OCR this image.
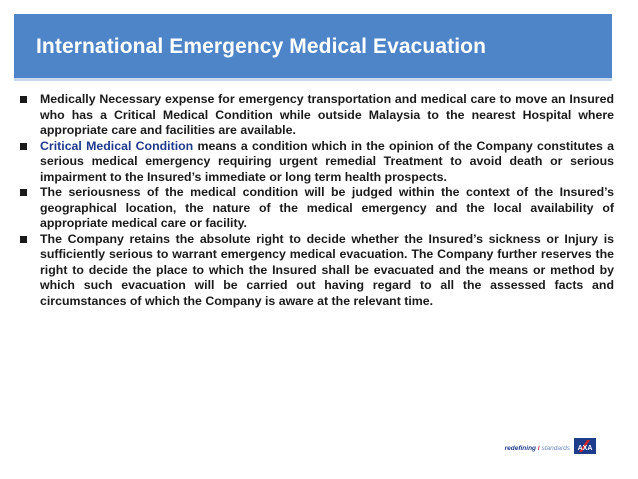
International Emergency Medical Evacuation
Medically Necessary expense for emergency transportation and medical care to move an Insured who has a Critical Medical Condition while outside Malaysia to the nearest Hospital where appropriate care and facilities are available.
Critical Medical Condition means a condition which in the opinion of the Company constitutes a serious medical emergency requiring urgent remedial Treatment to avoid death or serious impairment to the Insured’s immediate or long term health prospects.
The seriousness of the medical condition will be judged within the context of the Insured’s geographical location, the nature of the medical emergency and the local availability of appropriate medical care or facility.
The Company retains the absolute right to decide whether the Insured’s sickness or Injury is sufficiently serious to warrant emergency medical evacuation. The Company further reserves the right to decide the place to which the Insured shall be evacuated and the means or method by which such evacuation will be carried out having regard to all the assessed facts and circumstances of which the Company is aware at the relevant time.
redefining / standards AXA
